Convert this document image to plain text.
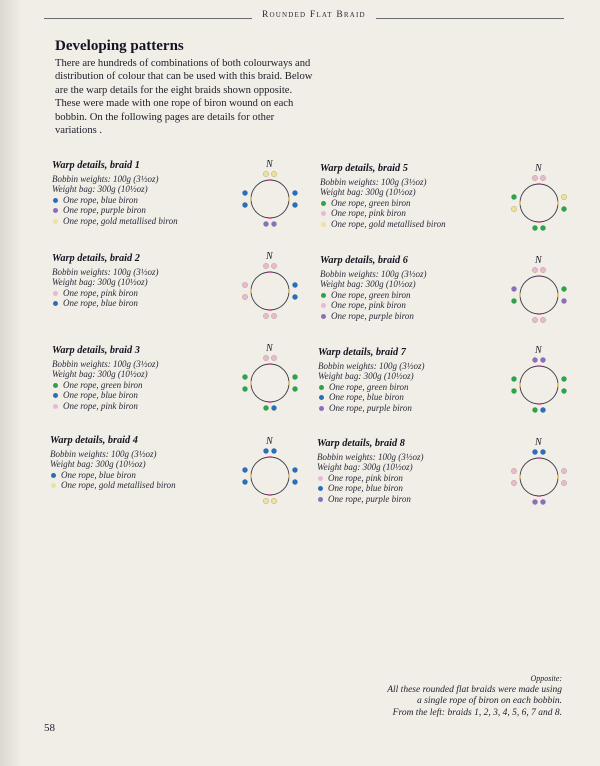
Rounded Flat Braid
Developing patterns
There are hundreds of combinations of both colourways and distribution of colour that can be used with this braid. Below are the warp details for the eight braids shown opposite. These were made with one rope of biron wound on each bobbin. On the following pages are details for other variations .
Warp details, braid 1
Bobbin weights: 100g (3½oz)
Weight bag: 300g (10½oz)
One rope, blue biron
One rope, purple biron
One rope, gold metallised biron
Warp details, braid 2
Bobbin weights: 100g (3½oz)
Weight bag: 300g (10½oz)
One rope, pink biron
One rope, blue biron
Warp details, braid 3
Bobbin weights: 100g (3½oz)
Weight bag: 300g (10½oz)
One rope, green biron
One rope, blue biron
One rope, pink biron
Warp details, braid 4
Bobbin weights: 100g (3½oz)
Weight bag: 300g (10½oz)
One rope, blue biron
One rope, gold metallised biron
Warp details, braid 5
Bobbin weights: 100g (3½oz)
Weight bag: 300g (10½oz)
One rope, green biron
One rope, pink biron
One rope, gold metallised biron
Warp details, braid 6
Bobbin weights: 100g (3½oz)
Weight bag: 300g (10½oz)
One rope, green biron
One rope, pink biron
One rope, purple biron
Warp details, braid 7
Bobbin weights: 100g (3½oz)
Weight bag: 300g (10½oz)
One rope, green biron
One rope, blue biron
One rope, purple biron
Warp details, braid 8
Bobbin weights: 100g (3½oz)
Weight bag: 300g (10½oz)
One rope, pink biron
One rope, blue biron
One rope, purple biron
N
N
N
N
N
N
N
N
Opposite:
All these rounded flat braids were made using
a single rope of biron on each bobbin.
From the left: braids 1, 2, 3, 4, 5, 6, 7 and 8.
58
